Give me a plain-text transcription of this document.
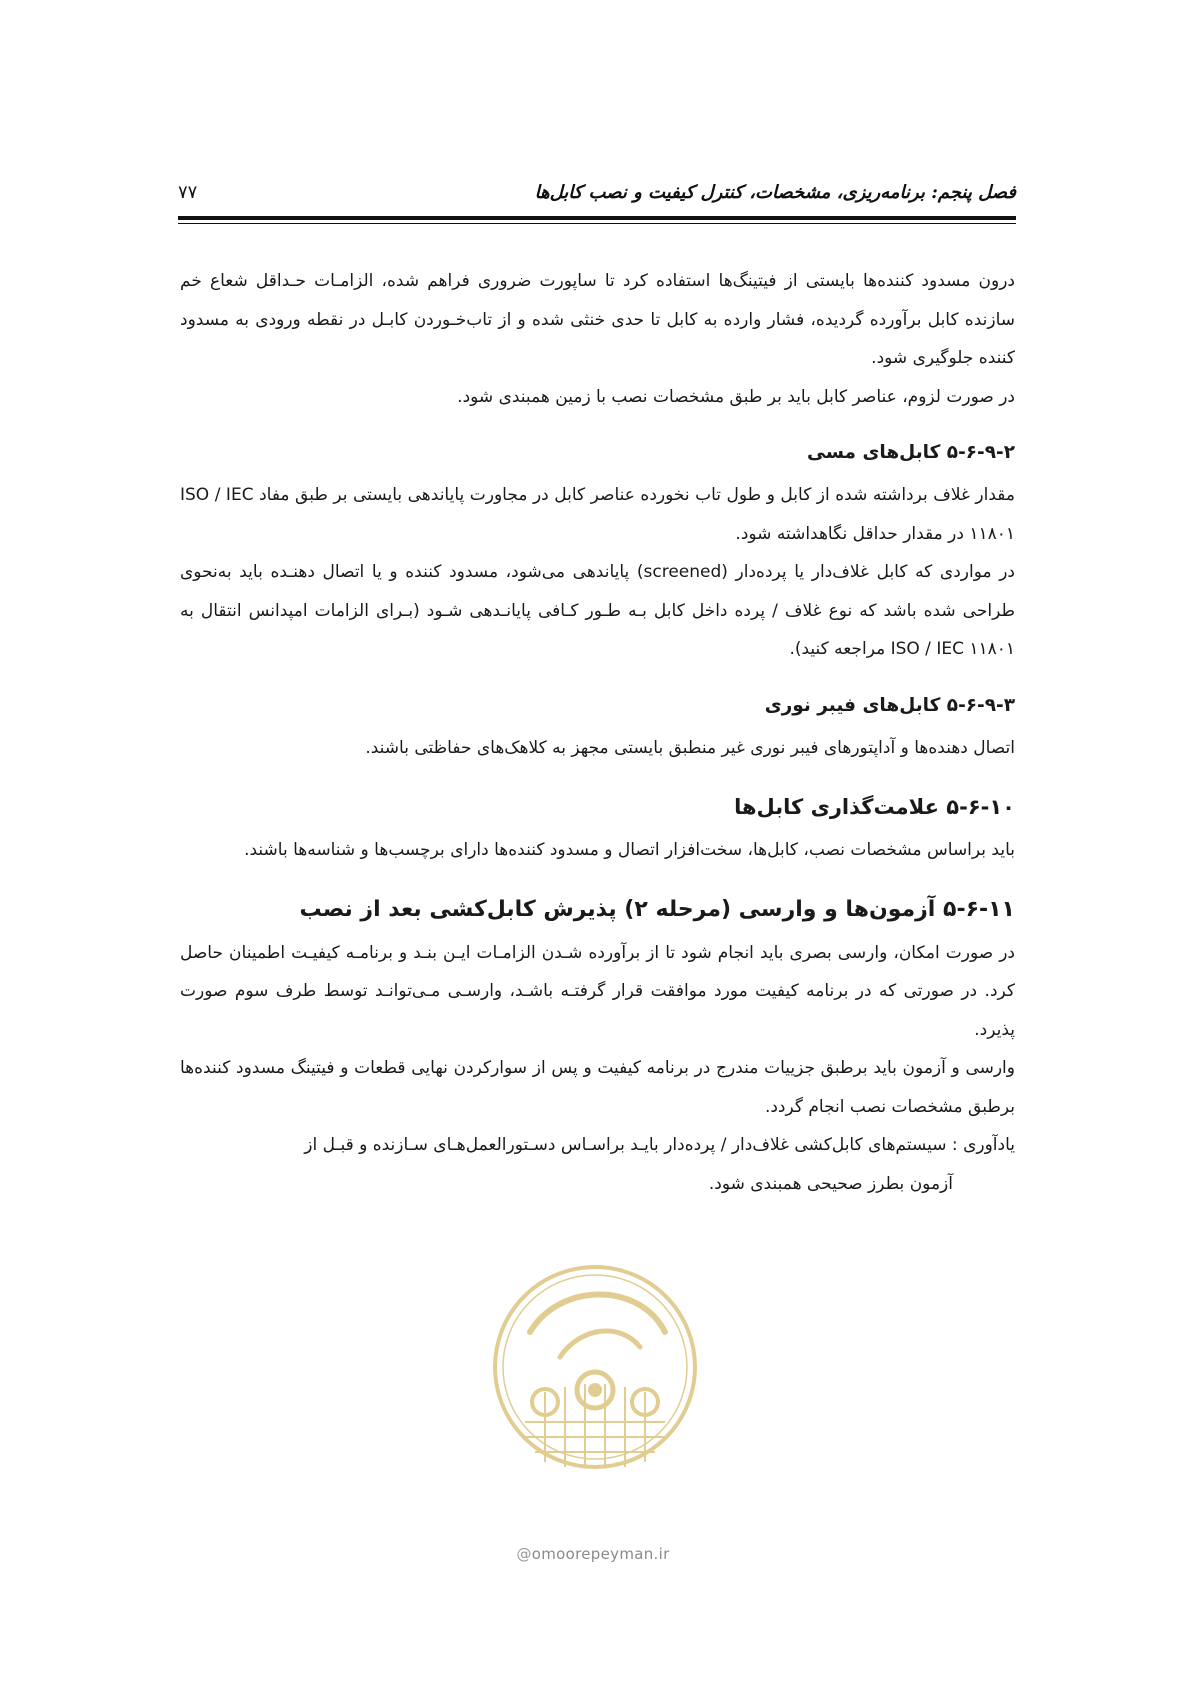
فصل پنجم: برنامه‌ریزی، مشخصات، کنترل کیفیت و نصب کابل‌ها
۷۷

درون مسدود کننده‌ها بایستی از فیتینگ‌ها استفاده کرد تا ساپورت ضروری فراهم شده، الزامـات حـداقل شعاع خم سازنده کابل برآورده گردیده، فشار وارده به کابل تا حدی خنثی شده و از تاب‌خـوردن کابـل در نقطه ورودی به مسدود کننده جلوگیری شود.

در صورت لزوم، عناصر کابل باید بر طبق مشخصات نصب با زمین همبندی شود.

۵-۶-۹-۲ کابل‌های مسی

مقدار غلاف برداشته شده از کابل و طول تاب نخورده عناصر کابل در مجاورت پایاندهی بایستی بر طبق مفاد ISO / IEC ۱۱۸۰۱ در مقدار حداقل نگاهداشته شود.

در مواردی که کابل غلاف‌دار یا پرده‌دار (screened) پایاندهی می‌شود، مسدود کننده و یا اتصال دهنـده باید به‌نحوی طراحی شده باشد که نوع غلاف / پرده داخل کابل بـه طـور کـافی پایانـدهی شـود (بـرای الزامات امپدانس انتقال به ISO / IEC ۱۱۸۰۱ مراجعه کنید).

۵-۶-۹-۳ کابل‌های فیبر نوری

اتصال دهنده‌ها و آداپتورهای فیبر نوری غیر منطبق بایستی مجهز به کلاهک‌های حفاظتی باشند.

۵-۶-۱۰ علامت‌گذاری کابل‌ها

باید براساس مشخصات نصب، کابل‌ها، سخت‌افزار اتصال و مسدود کننده‌ها دارای برچسب‌ها و شناسه‌ها باشند.

۵-۶-۱۱ آزمون‌ها و وارسی (مرحله ۲) پذیرش کابل‌کشی بعد از نصب

در صورت امکان، وارسی بصری باید انجام شود تا از برآورده شـدن الزامـات ایـن بنـد و برنامـه کیفیـت اطمینان حاصل کرد. در صورتی که در برنامه کیفیت مورد موافقت قرار گرفتـه باشـد، وارسـی مـی‌توانـد توسط طرف سوم صورت پذیرد.

وارسی و آزمون باید برطبق جزییات مندرج در برنامه کیفیت و پس از سوارکردن نهایی قطعات و فیتینگ مسدود کننده‌ها برطبق مشخصات نصب انجام گردد.

یادآوری : سیستم‌های کابل‌کشی غلاف‌دار / پرده‌دار بایـد براسـاس دسـتورالعمل‌هـای سـازنده و قبـل از

آزمون بطرز صحیحی همبندی شود.

@omoorepeyman.ir
